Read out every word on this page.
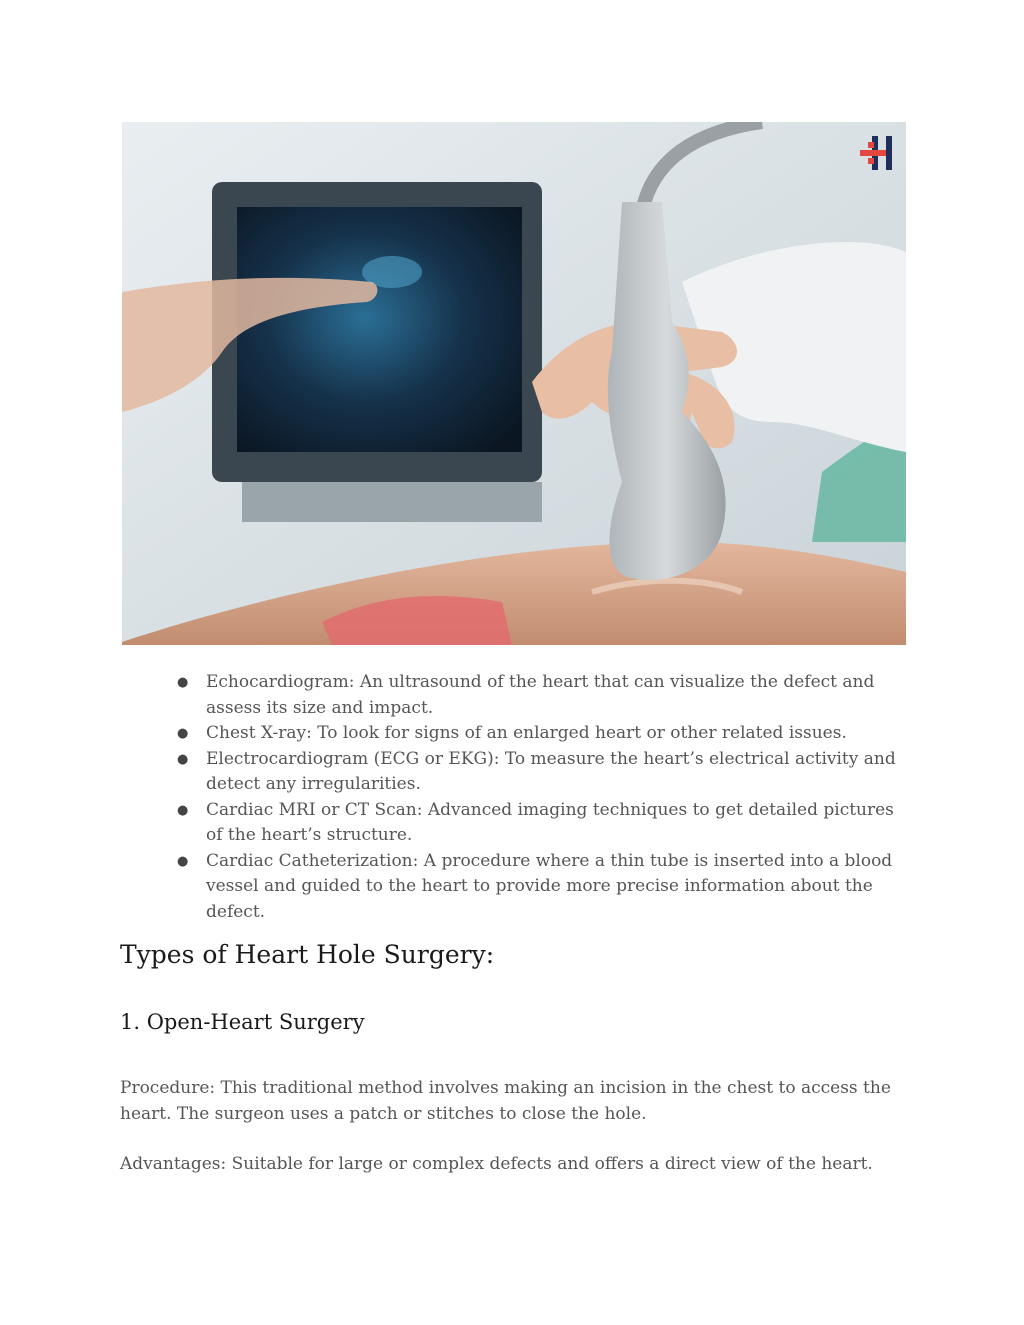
● Echocardiogram: An ultrasound of the heart that can visualize the defect and assess its size and impact.
● Chest X-ray: To look for signs of an enlarged heart or other related issues.
● Electrocardiogram (ECG or EKG): To measure the heart’s electrical activity and detect any irregularities.
● Cardiac MRI or CT Scan: Advanced imaging techniques to get detailed pictures of the heart’s structure.
● Cardiac Catheterization: A procedure where a thin tube is inserted into a blood vessel and guided to the heart to provide more precise information about the defect.
Types of Heart Hole Surgery:
1. Open-Heart Surgery

Procedure: This traditional method involves making an incision in the chest to access the heart. The surgeon uses a patch or stitches to close the hole.

Advantages: Suitable for large or complex defects and offers a direct view of the heart.
